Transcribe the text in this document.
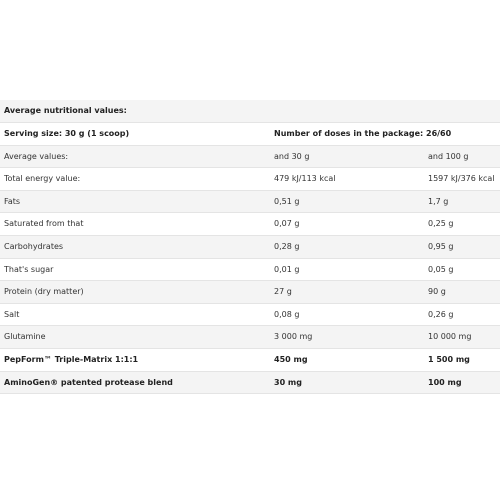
Average nutritional values:
Serving size: 30 g (1 scoop)	Number of doses in the package: 26/60
Average values:	and 30 g	and 100 g
Total energy value:	479 kJ/113 kcal	1597 kJ/376 kcal
Fats	0,51 g	1,7 g
Saturated from that	0,07 g	0,25 g
Carbohydrates	0,28 g	0,95 g
That's sugar	0,01 g	0,05 g
Protein (dry matter)	27 g	90 g
Salt	0,08 g	0,26 g
Glutamine	3 000 mg	10 000 mg
PepForm™ Triple-Matrix 1:1:1	450 mg	1 500 mg
AminoGen® patented protease blend	30 mg	100 mg
